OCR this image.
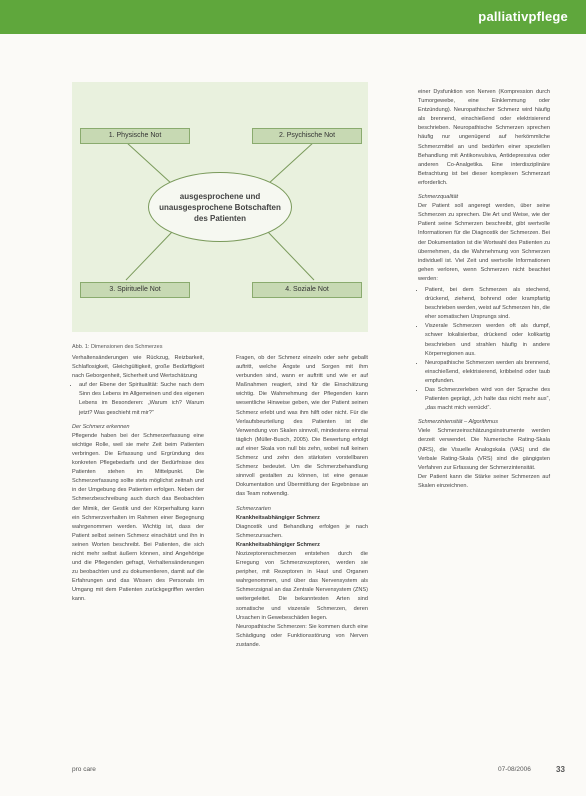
palliativpflege
1. Physische Not	2. Psychische Not
3. Spirituelle Not	4. Soziale Not
ausgesprochene und unausgesprochene Botschaften des Patienten
Abb. 1: Dimensionen des Schmerzes

Verhaltensänderungen wie Rückzug, Reizbarkeit, Schlaflosigkeit, Gleichgültigkeit, große Bedürftigkeit nach Geborgenheit, Sicherheit und Wertschätzung

• auf der Ebene der Spiritualität: Suche nach dem Sinn des Lebens im Allgemeinen und des eigenen Lebens im Besonderen: „Warum ich? Warum jetzt? Was geschieht mit mir?“

Der Schmerz erkennen

Pflegende haben bei der Schmerzerfassung eine wichtige Rolle, weil sie mehr Zeit beim Patienten verbringen. Die Erfassung und Ergründung des konkreten Pflegebedarfs und der Bedürfnisse des Patienten stehen im Mittelpunkt. Die Schmerzerfassung sollte stets möglichst zeitnah und in der Umgebung des Patienten erfolgen. Neben der Schmerzbeschreibung auch durch das Beobachten der Mimik, der Gestik und der Körperhaltung kann ein Schmerzverhalten im Rahmen einer Begegnung wahrgenommen werden. Wichtig ist, dass der Patient selbst seinen Schmerz einschätzt und ihn in seinen Worten beschreibt. Bei Patienten, die sich nicht mehr selbst äußern können, sind Angehörige und die Pflegenden gefragt, Verhaltensänderungen zu beobachten und zu dokumentieren, damit auf die Erfahrungen und das Wissen des Personals im Umgang mit dem Patienten zurückgegriffen werden kann.

Fragen, ob der Schmerz einzeln oder sehr geballt auftritt, welche Ängste und Sorgen mit ihm verbunden sind, wann er auftritt und wie er auf Maßnahmen reagiert, sind für die Einschätzung wichtig. Die Wahrnehmung der Pflegenden kann wesentliche Hinweise geben, wie der Patient seinen Schmerz erlebt und was ihm hilft oder nicht. Für die Verlaufsbeurteilung des Patienten ist die Verwendung von Skalen sinnvoll, mindestens einmal täglich (Müller-Busch, 2005). Die Bewertung erfolgt auf einer Skala von null bis zehn, wobei null keinen Schmerz und zehn den stärksten vorstellbaren Schmerz bedeutet. Um die Schmerzbehandlung sinnvoll gestalten zu können, ist eine genaue Dokumentation und Übermittlung der Ergebnisse an das Team notwendig.

Schmerzarten

Krankheitsabhängiger Schmerz

Diagnostik und Behandlung erfolgen je nach Schmerzursachen.

Krankheitsabhängiger Schmerz

Nozizeptorenschmerzen entstehen durch die Erregung von Schmerzrezeptoren, werden sie peripher, mit Rezeptoren in Haut und Organen wahrgenommen, und über das Nervensystem als Schmerzsignal an das Zentrale Nervensystem (ZNS) weitergeleitet. Die bekanntesten Arten sind somatische und viszerale Schmerzen, deren Ursachen in Gewebeschäden liegen.

Neuropathische Schmerzen: Sie kommen durch eine Schädigung oder Funktionsstörung von Nerven zustande.

einer Dysfunktion von Nerven (Kompression durch Tumorgewebe, eine Einklemmung oder Entzündung). Neuropathischer Schmerz wird häufig als brennend, einschießend oder elektrisierend beschrieben. Neuropathische Schmerzen sprechen häufig nur ungenügend auf herkömmliche Schmerzmittel an und bedürfen einer speziellen Behandlung mit Antikonvulsiva, Antidepressiva oder anderen Co-Analgetika. Eine interdisziplinäre Betrachtung ist bei dieser komplexen Schmerzart erforderlich.

Schmerzqualität

Der Patient soll angeregt werden, über seine Schmerzen zu sprechen. Die Art und Weise, wie der Patient seine Schmerzen beschreibt, gibt wertvolle Informationen für die Diagnostik der Schmerzen. Bei der Dokumentation ist die Wortwahl des Patienten zu übernehmen, da die Wahrnehmung von Schmerzen individuell ist. Viel Zeit und wertvolle Informationen gehen verloren, wenn Schmerzen nicht beachtet werden:

• Patient, bei dem Schmerzen als stechend, drückend, ziehend, bohrend oder krampfartig beschrieben werden, weist auf Schmerzen hin, die eher somatischen Ursprungs sind.
• Viszerale Schmerzen werden oft als dumpf, schwer lokalisierbar, drückend oder kolikartig beschrieben und strahlen häufig in andere Körperregionen aus.
• Neuropathische Schmerzen werden als brennend, einschießend, elektrisierend, kribbelnd oder taub empfunden.
• Das Schmerzerleben wird von der Sprache des Patienten geprägt, „ich halte das nicht mehr aus“, „das macht mich verrückt“.

Schmerzintensität – Algorithmus

Viele Schmerzeinschätzungsinstrumente werden derzeit verwendet. Die Numerische Rating-Skala (NRS), die Visuelle Analogskala (VAS) und die Verbale Rating-Skala (VRS) sind die gängigsten Verfahren zur Erfassung der Schmerzintensität.

Der Patient kann die Stärke seiner Schmerzen auf Skalen einzeichnen.

pro care	07-08/2006	33
